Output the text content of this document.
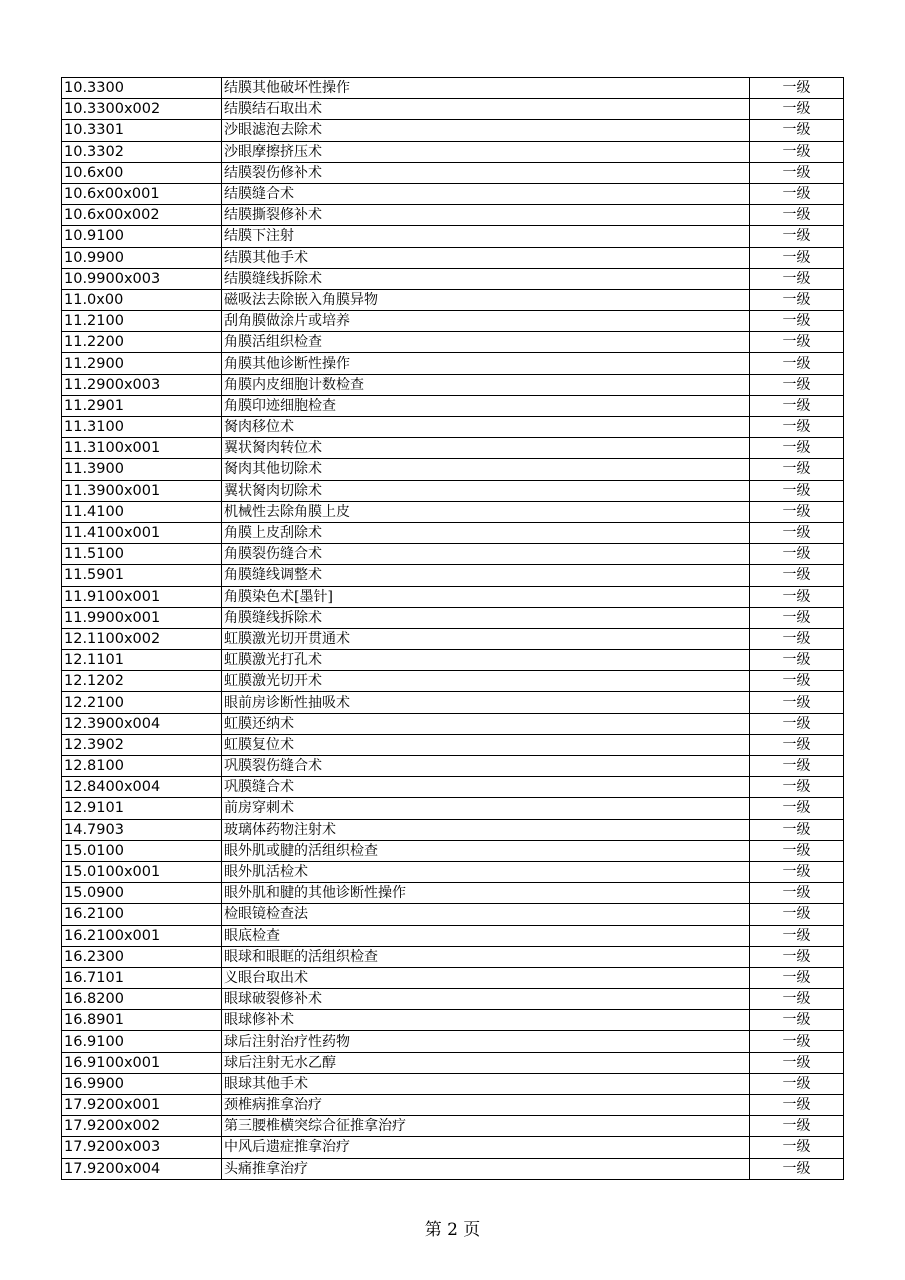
10.3300	结膜其他破坏性操作	一级
10.3300x002	结膜结石取出术	一级
10.3301	沙眼滤泡去除术	一级
10.3302	沙眼摩擦挤压术	一级
10.6x00	结膜裂伤修补术	一级
10.6x00x001	结膜缝合术	一级
10.6x00x002	结膜撕裂修补术	一级
10.9100	结膜下注射	一级
10.9900	结膜其他手术	一级
10.9900x003	结膜缝线拆除术	一级
11.0x00	磁吸法去除嵌入角膜异物	一级
11.2100	刮角膜做涂片或培养	一级
11.2200	角膜活组织检查	一级
11.2900	角膜其他诊断性操作	一级
11.2900x003	角膜内皮细胞计数检查	一级
11.2901	角膜印迹细胞检查	一级
11.3100	胬肉移位术	一级
11.3100x001	翼状胬肉转位术	一级
11.3900	胬肉其他切除术	一级
11.3900x001	翼状胬肉切除术	一级
11.4100	机械性去除角膜上皮	一级
11.4100x001	角膜上皮刮除术	一级
11.5100	角膜裂伤缝合术	一级
11.5901	角膜缝线调整术	一级
11.9100x001	角膜染色术[墨针]	一级
11.9900x001	角膜缝线拆除术	一级
12.1100x002	虹膜激光切开贯通术	一级
12.1101	虹膜激光打孔术	一级
12.1202	虹膜激光切开术	一级
12.2100	眼前房诊断性抽吸术	一级
12.3900x004	虹膜还纳术	一级
12.3902	虹膜复位术	一级
12.8100	巩膜裂伤缝合术	一级
12.8400x004	巩膜缝合术	一级
12.9101	前房穿刺术	一级
14.7903	玻璃体药物注射术	一级
15.0100	眼外肌或腱的活组织检查	一级
15.0100x001	眼外肌活检术	一级
15.0900	眼外肌和腱的其他诊断性操作	一级
16.2100	检眼镜检查法	一级
16.2100x001	眼底检查	一级
16.2300	眼球和眼眶的活组织检查	一级
16.7101	义眼台取出术	一级
16.8200	眼球破裂修补术	一级
16.8901	眼球修补术	一级
16.9100	球后注射治疗性药物	一级
16.9100x001	球后注射无水乙醇	一级
16.9900	眼球其他手术	一级
17.9200x001	颈椎病推拿治疗	一级
17.9200x002	第三腰椎横突综合征推拿治疗	一级
17.9200x003	中风后遗症推拿治疗	一级
17.9200x004	头痛推拿治疗	一级
第 2 页
